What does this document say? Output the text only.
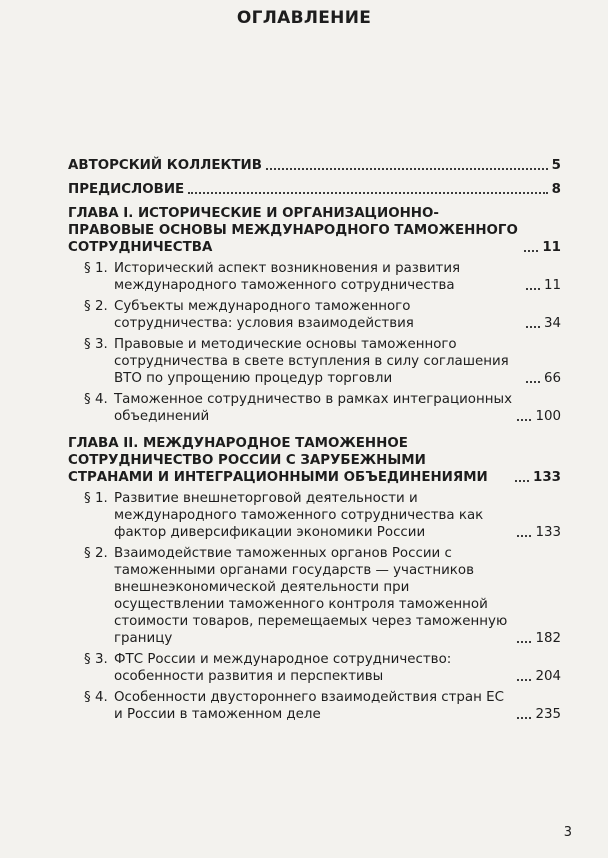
ОГЛАВЛЕНИЕ
АВТОРСКИЙ КОЛЛЕКТИВ	5
ПРЕДИСЛОВИЕ	8
ГЛАВА I. ИСТОРИЧЕСКИЕ И ОРГАНИЗАЦИОННО-ПРАВОВЫЕ ОСНОВЫ МЕЖДУНАРОДНОГО ТАМОЖЕННОГО СОТРУДНИЧЕСТВА	11
§ 1. Исторический аспект возникновения и развития международного таможенного сотрудничества	11
§ 2. Субъекты международного таможенного сотрудничества: условия взаимодействия	34
§ 3. Правовые и методические основы таможенного сотрудничества в свете вступления в силу соглашения ВТО по упрощению процедур торговли	66
§ 4. Таможенное сотрудничество в рамках интеграционных объединений	100
ГЛАВА II. МЕЖДУНАРОДНОЕ ТАМОЖЕННОЕ СОТРУДНИЧЕСТВО РОССИИ С ЗАРУБЕЖНЫМИ СТРАНАМИ И ИНТЕГРАЦИОННЫМИ ОБЪЕДИНЕНИЯМИ	133
§ 1. Развитие внешнеторговой деятельности и международного таможенного сотрудничества как фактор диверсификации экономики России	133
§ 2. Взаимодействие таможенных органов России с таможенными органами государств — участников внешнеэкономической деятельности при осуществлении таможенного контроля таможенной стоимости товаров, перемещаемых через таможенную границу	182
§ 3. ФТС России и международное сотрудничество: особенности развития и перспективы	204
§ 4. Особенности двустороннего взаимодействия стран ЕС и России в таможенном деле	235
3
